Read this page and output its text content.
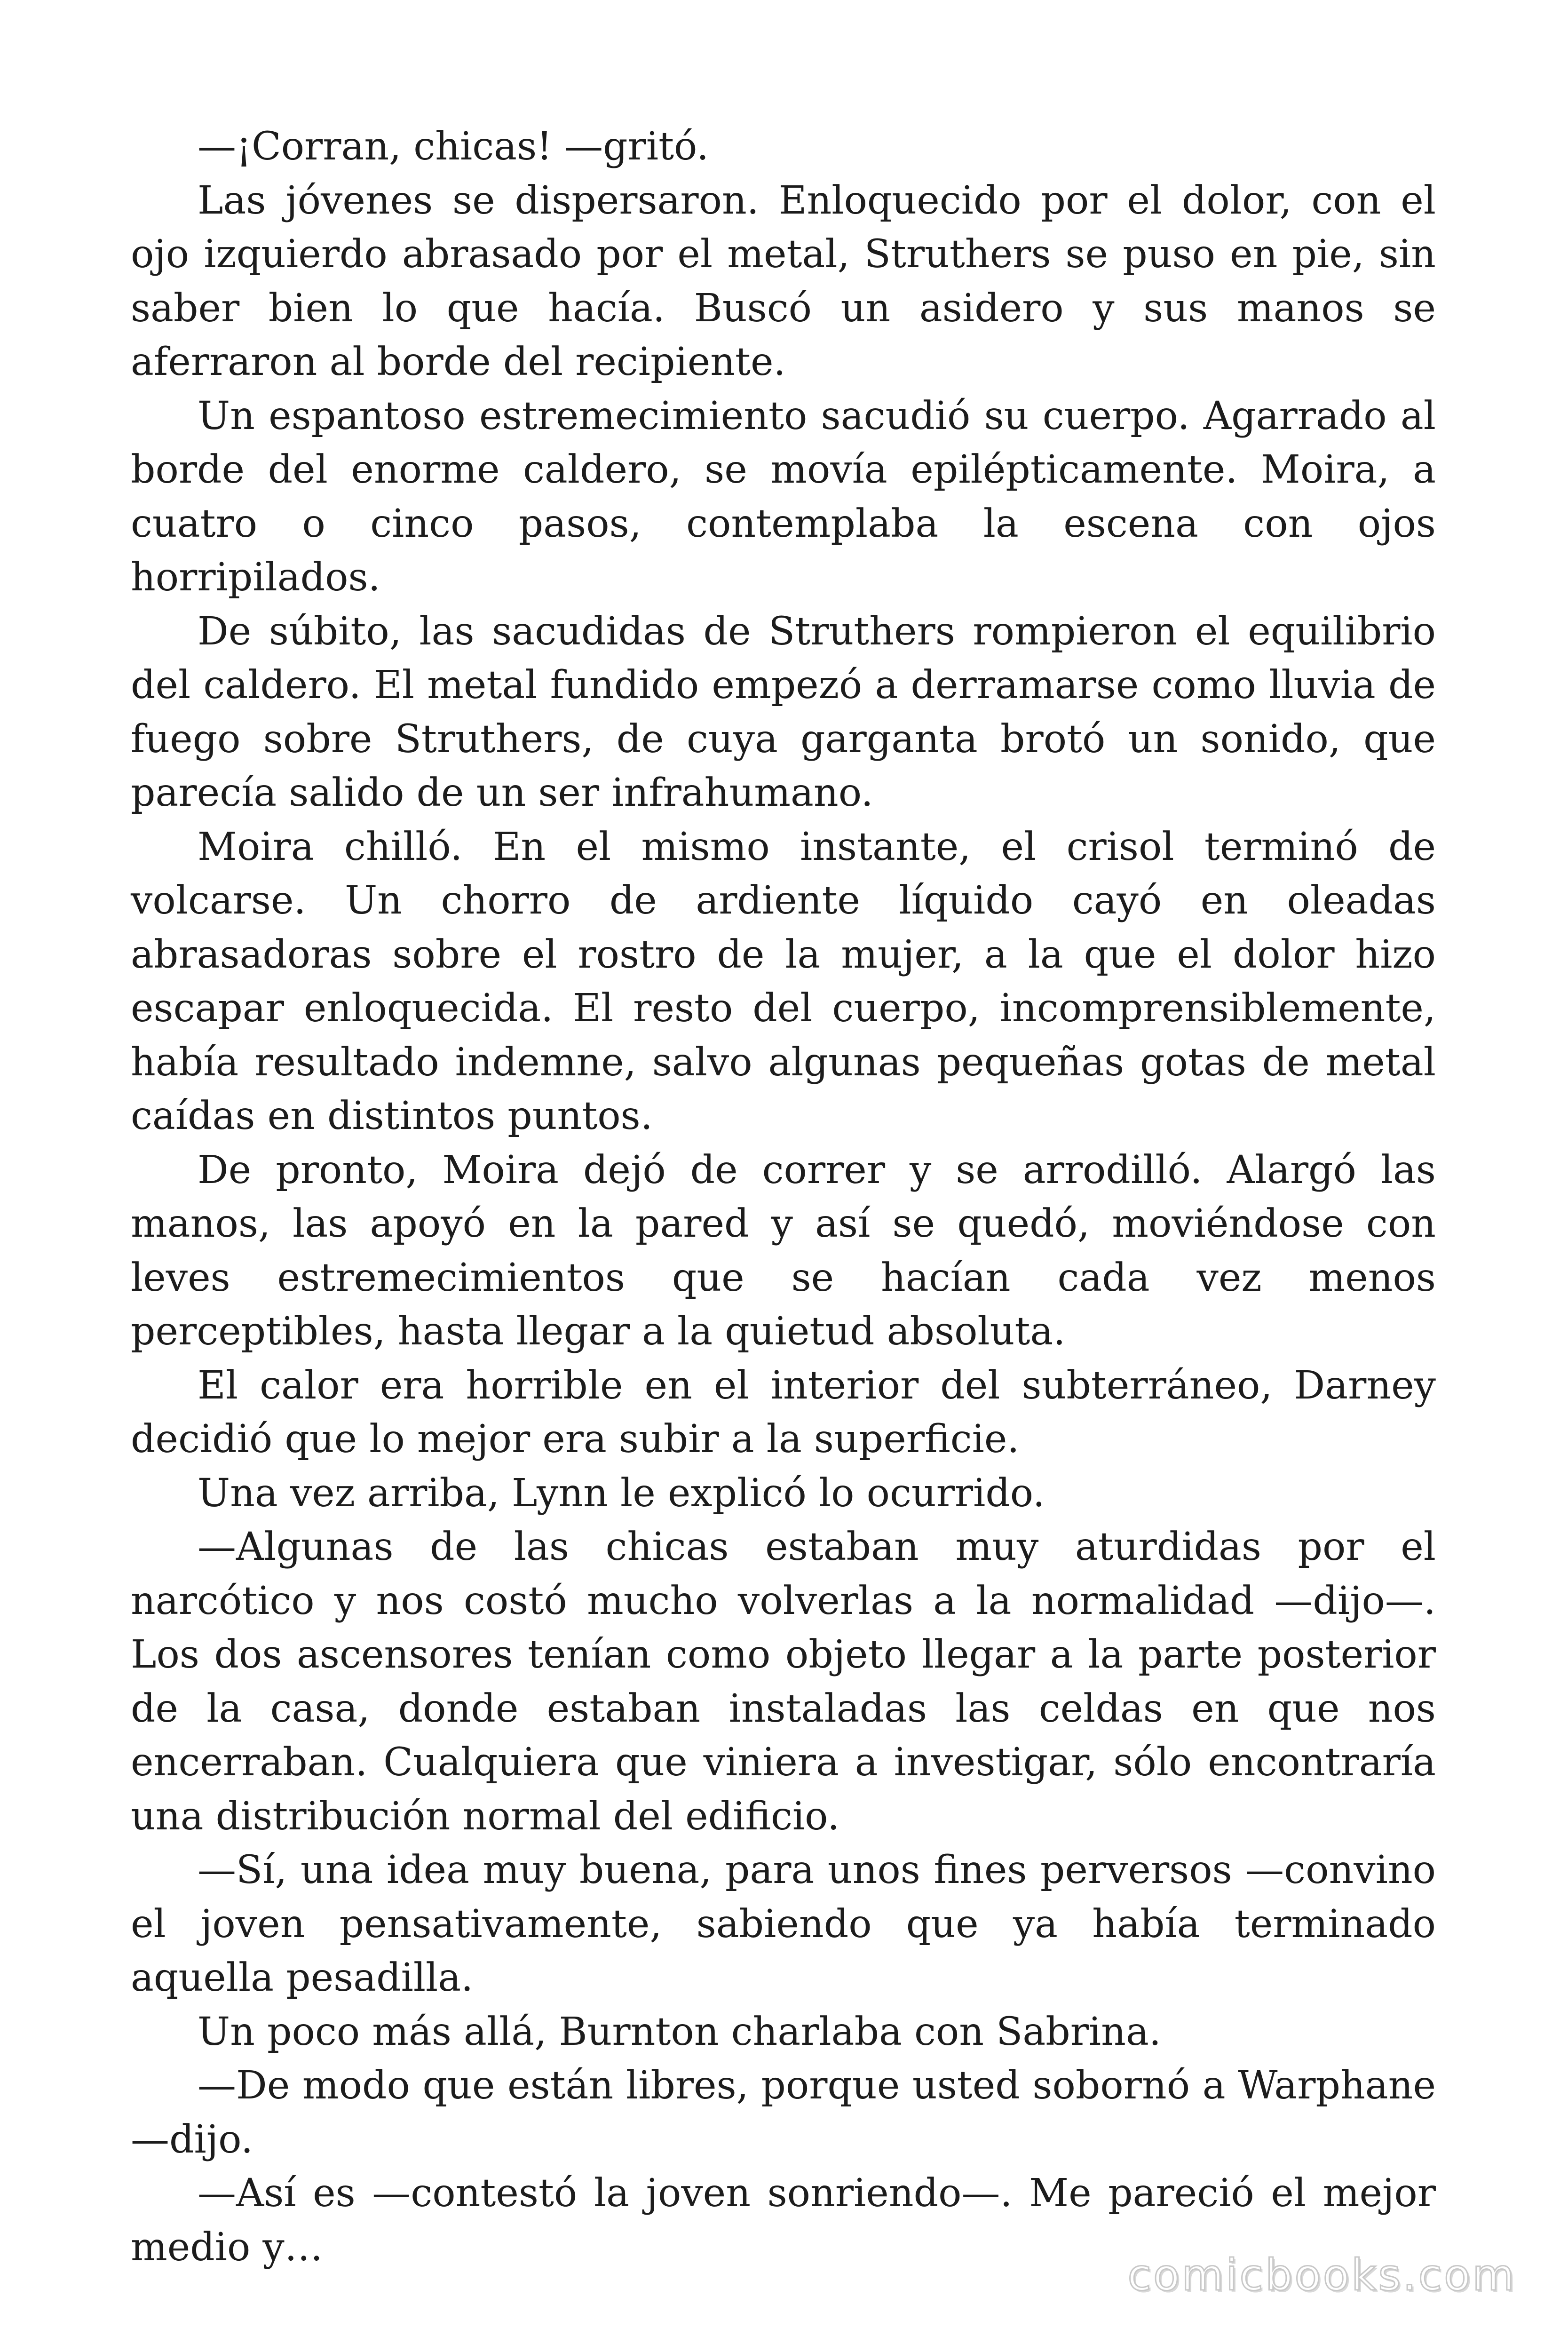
—¡Corran, chicas! —gritó.

Las jóvenes se dispersaron. Enloquecido por el dolor, con el ojo izquierdo abrasado por el metal, Struthers se puso en pie, sin saber bien lo que hacía. Buscó un asidero y sus manos se aferraron al borde del recipiente.

Un espantoso estremecimiento sacudió su cuerpo. Agarrado al borde del enorme caldero, se movía epilépticamente. Moira, a cuatro o cinco pasos, contemplaba la escena con ojos horripilados.

De súbito, las sacudidas de Struthers rompieron el equilibrio del caldero. El metal fundido empezó a derramarse como lluvia de fuego sobre Struthers, de cuya garganta brotó un sonido, que parecía salido de un ser infrahumano.

Moira chilló. En el mismo instante, el crisol terminó de volcarse. Un chorro de ardiente líquido cayó en oleadas abrasadoras sobre el rostro de la mujer, a la que el dolor hizo escapar enloquecida. El resto del cuerpo, incomprensiblemente, había resultado indemne, salvo algunas pequeñas gotas de metal caídas en distintos puntos.

De pronto, Moira dejó de correr y se arrodilló. Alargó las manos, las apoyó en la pared y así se quedó, moviéndose con leves estremecimientos que se hacían cada vez menos perceptibles, hasta llegar a la quietud absoluta.

El calor era horrible en el interior del subterráneo, Darney decidió que lo mejor era subir a la superficie.

Una vez arriba, Lynn le explicó lo ocurrido.

—Algunas de las chicas estaban muy aturdidas por el narcótico y nos costó mucho volverlas a la normalidad —dijo—. Los dos ascensores tenían como objeto llegar a la parte posterior de la casa, donde estaban instaladas las celdas en que nos encerraban. Cualquiera que viniera a investigar, sólo encontraría una distribución normal del edificio.

—Sí, una idea muy buena, para unos fines perversos —convino el joven pensativamente, sabiendo que ya había terminado aquella pesadilla.

Un poco más allá, Burnton charlaba con Sabrina.

—De modo que están libres, porque usted sobornó a Warphane —dijo.

—Así es —contestó la joven sonriendo—. Me pareció el mejor medio y…

comicbooks.com
